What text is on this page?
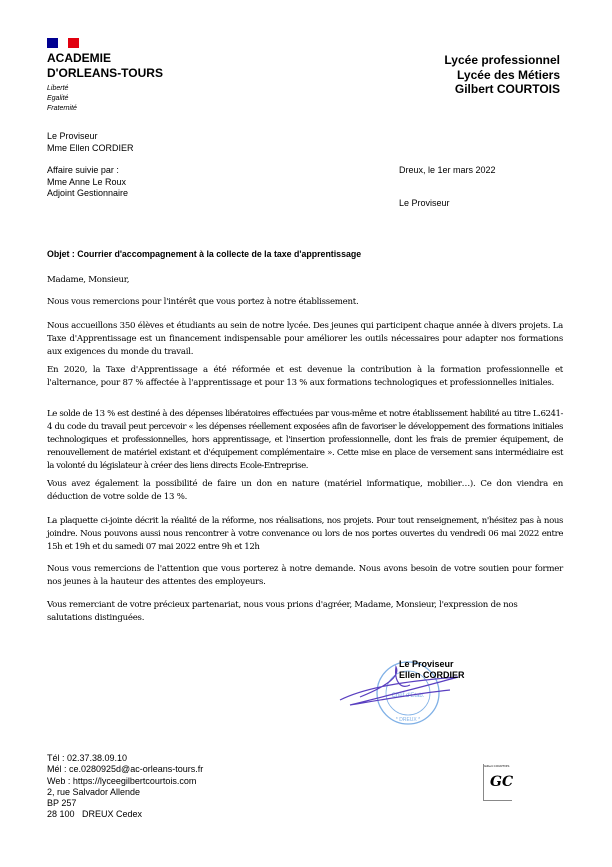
ACADEMIE
D'ORLEANS-TOURS
Liberté
Egalité
Fraternité
Lycée professionnel
Lycée des Métiers
Gilbert COURTOIS
Le Proviseur
Mme Ellen CORDIER
Affaire suivie par :
Mme Anne Le Roux
Adjoint Gestionnaire
Dreux, le 1er mars 2022
Le Proviseur
Objet : Courrier d'accompagnement à la collecte de la taxe d'apprentissage
Madame, Monsieur,

Nous vous remercions pour l'intérêt que vous portez à notre établissement.

Nous accueillons 350 élèves et étudiants au sein de notre lycée. Des jeunes qui participent chaque année à divers projets. La Taxe d'Apprentissage est un financement indispensable pour améliorer les outils nécessaires pour adapter nos formations aux exigences du monde du travail.

En 2020, la Taxe d'Apprentissage a été réformée et est devenue la contribution à la formation professionnelle et l'alternance, pour 87 % affectée à l'apprentissage et pour 13 % aux formations technologiques et professionnelles initiales.

Le solde de 13 % est destiné à des dépenses libératoires effectuées par vous-même et notre établissement habilité au titre L.6241-4 du code du travail peut percevoir « les dépenses réellement exposées afin de favoriser le développement des formations initiales technologiques et professionnelles, hors apprentissage, et l'insertion professionnelle, dont les frais de premier équipement, de renouvellement de matériel existant et d'équipement complémentaire ». Cette mise en place de versement sans intermédiaire est la volonté du législateur à créer des liens directs Ecole-Entreprise.

Vous avez également la possibilité de faire un don en nature (matériel informatique, mobilier…). Ce don viendra en déduction de votre solde de 13 %.

La plaquette ci-jointe décrit la réalité de la réforme, nos réalisations, nos projets. Pour tout renseignement, n'hésitez pas à nous joindre. Nous pouvons aussi nous rencontrer à votre convenance ou lors de nos portes ouvertes du vendredi 06 mai 2022 entre 15h et 19h et du samedi 07 mai 2022 entre 9h et 12h

Nous vous remercions de l'attention que vous porterez à notre demande. Nous avons besoin de votre soutien pour former nos jeunes à la hauteur des attentes des employeurs.

Vous remerciant de votre précieux partenariat, nous vous prions d'agréer, Madame, Monsieur, l'expression de nos salutations distinguées.

Chef d'Etab.
* DREUX *
Le Proviseur
Ellen CORDIER
Tél : 02.37.38.09.10
Mél : ce.0280925d@ac-orleans-tours.fr
Web : https://lyceegilbertcourtois.com
2, rue Salvador Allende
BP 257
28 100   DREUX Cedex
Gilbert COURTOIS
GC
